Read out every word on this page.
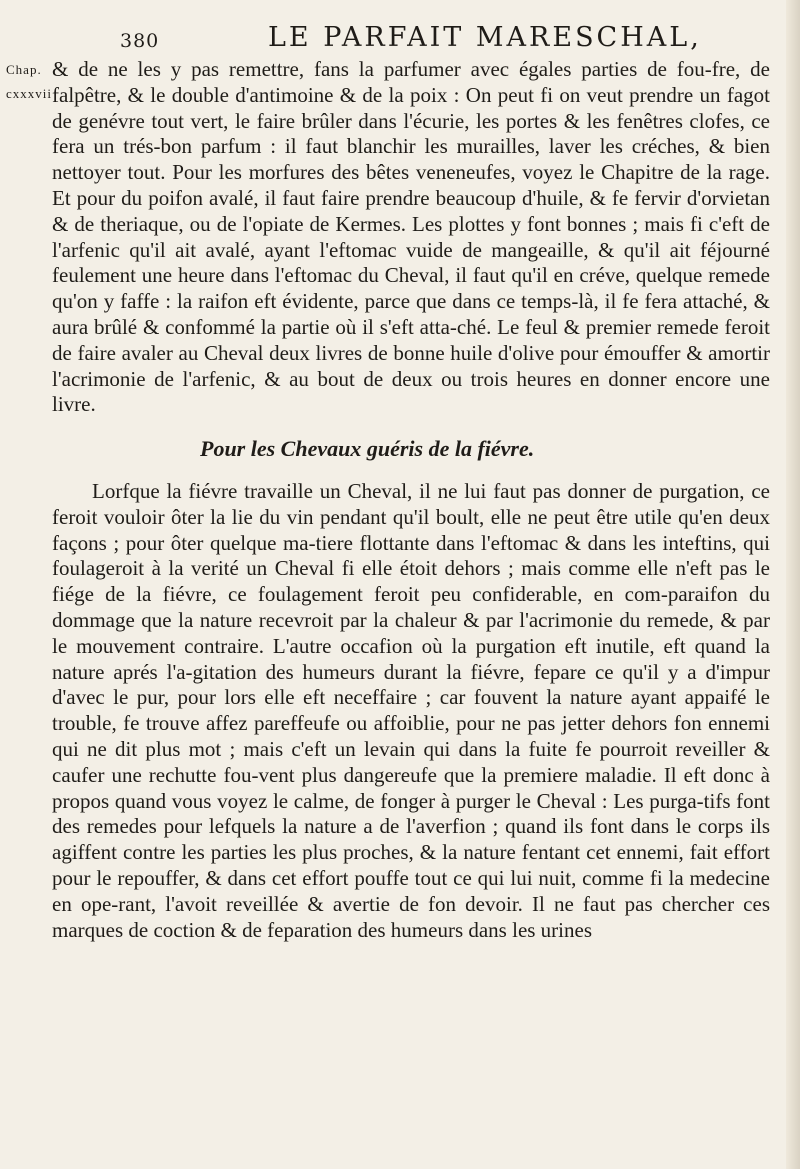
380	LE PARFAIT MARESCHAL,
Chap.
cxxxvii

& de ne les y pas remettre, fans la parfumer avec égales parties de fou-fre, de falpêtre, & le double d'antimoine & de la poix : On peut fi on veut prendre un fagot de genévre tout vert, le faire brûler dans l'écurie, les portes & les fenêtres clofes, ce fera un trés-bon parfum : il faut blanchir les murailles, laver les créches, & bien nettoyer tout. Pour les morfures des bêtes veneneufes, voyez le Chapitre de la rage. Et pour du poifon avalé, il faut faire prendre beaucoup d'huile, & fe fervir d'orvietan & de theriaque, ou de l'opiate de Kermes. Les plottes y font bonnes ; mais fi c'eft de l'arfenic qu'il ait avalé, ayant l'eftomac vuide de mangeaille, & qu'il ait féjourné feulement une heure dans l'eftomac du Cheval, il faut qu'il en créve, quelque remede qu'on y faffe : la raifon eft évidente, parce que dans ce temps-là, il fe fera attaché, & aura brûlé & confommé la partie où il s'eft atta-ché. Le feul & premier remede feroit de faire avaler au Cheval deux livres de bonne huile d'olive pour émouffer & amortir l'acrimonie de l'arfenic, & au bout de deux ou trois heures en donner encore une livre.

Pour les Chevaux guéris de la fiévre.

Lorfque la fiévre travaille un Cheval, il ne lui faut pas donner de purgation, ce feroit vouloir ôter la lie du vin pendant qu'il boult, elle ne peut être utile qu'en deux façons ; pour ôter quelque ma-tiere flottante dans l'eftomac & dans les inteftins, qui foulageroit à la verité un Cheval fi elle étoit dehors ; mais comme elle n'eft pas le fiége de la fiévre, ce foulagement feroit peu confiderable, en com-paraifon du dommage que la nature recevroit par la chaleur & par l'acrimonie du remede, & par le mouvement contraire. L'autre occafion où la purgation eft inutile, eft quand la nature aprés l'a-gitation des humeurs durant la fiévre, fepare ce qu'il y a d'impur d'avec le pur, pour lors elle eft neceffaire ; car fouvent la nature ayant appaifé le trouble, fe trouve affez pareffeufe ou affoiblie, pour ne pas jetter dehors fon ennemi qui ne dit plus mot ; mais c'eft un levain qui dans la fuite fe pourroit reveiller & caufer une rechutte fou-vent plus dangereufe que la premiere maladie. Il eft donc à propos quand vous voyez le calme, de fonger à purger le Cheval : Les purga-tifs font des remedes pour lefquels la nature a de l'averfion ; quand ils font dans le corps ils agiffent contre les parties les plus proches, & la nature fentant cet ennemi, fait effort pour le repouffer, & dans cet effort pouffe tout ce qui lui nuit, comme fi la medecine en ope-rant, l'avoit reveillée & avertie de fon devoir. Il ne faut pas chercher ces marques de coction & de feparation des humeurs dans les urines
